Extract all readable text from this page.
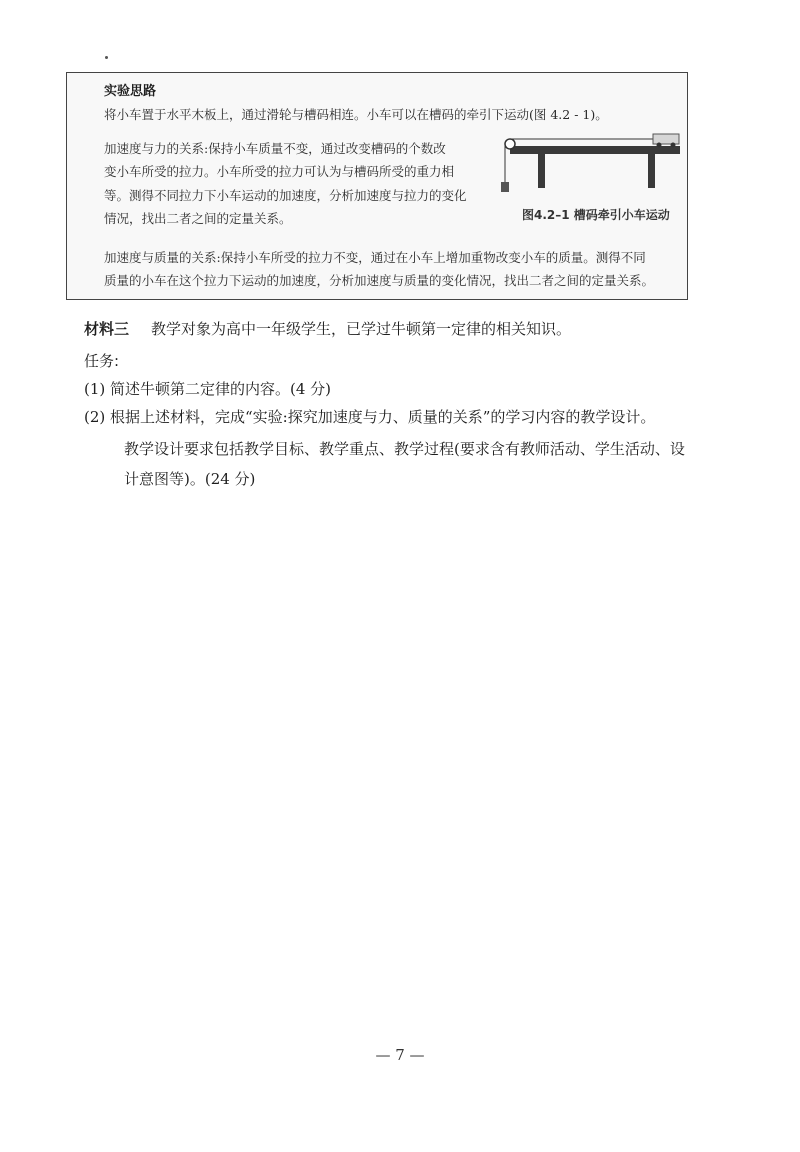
实验思路
将小车置于水平木板上，通过滑轮与槽码相连。小车可以在槽码的牵引下运动(图 4.2 - 1)。
加速度与力的关系:保持小车质量不变，通过改变槽码的个数改
变小车所受的拉力。小车所受的拉力可认为与槽码所受的重力相
等。测得不同拉力下小车运动的加速度，分析加速度与拉力的变化
情况，找出二者之间的定量关系。	图4.2–1 槽码牵引小车运动
加速度与质量的关系:保持小车所受的拉力不变，通过在小车上增加重物改变小车的质量。测得不同
质量的小车在这个拉力下运动的加速度，分析加速度与质量的变化情况，找出二者之间的定量关系。
材料三 教学对象为高中一年级学生，已学过牛顿第一定律的相关知识。
任务:
(1) 简述牛顿第二定律的内容。(4 分)
(2) 根据上述材料，完成“实验:探究加速度与力、质量的关系”的学习内容的教学设计。
教学设计要求包括教学目标、教学重点、教学过程(要求含有教师活动、学生活动、设
计意图等)。(24 分)
— 7 —
